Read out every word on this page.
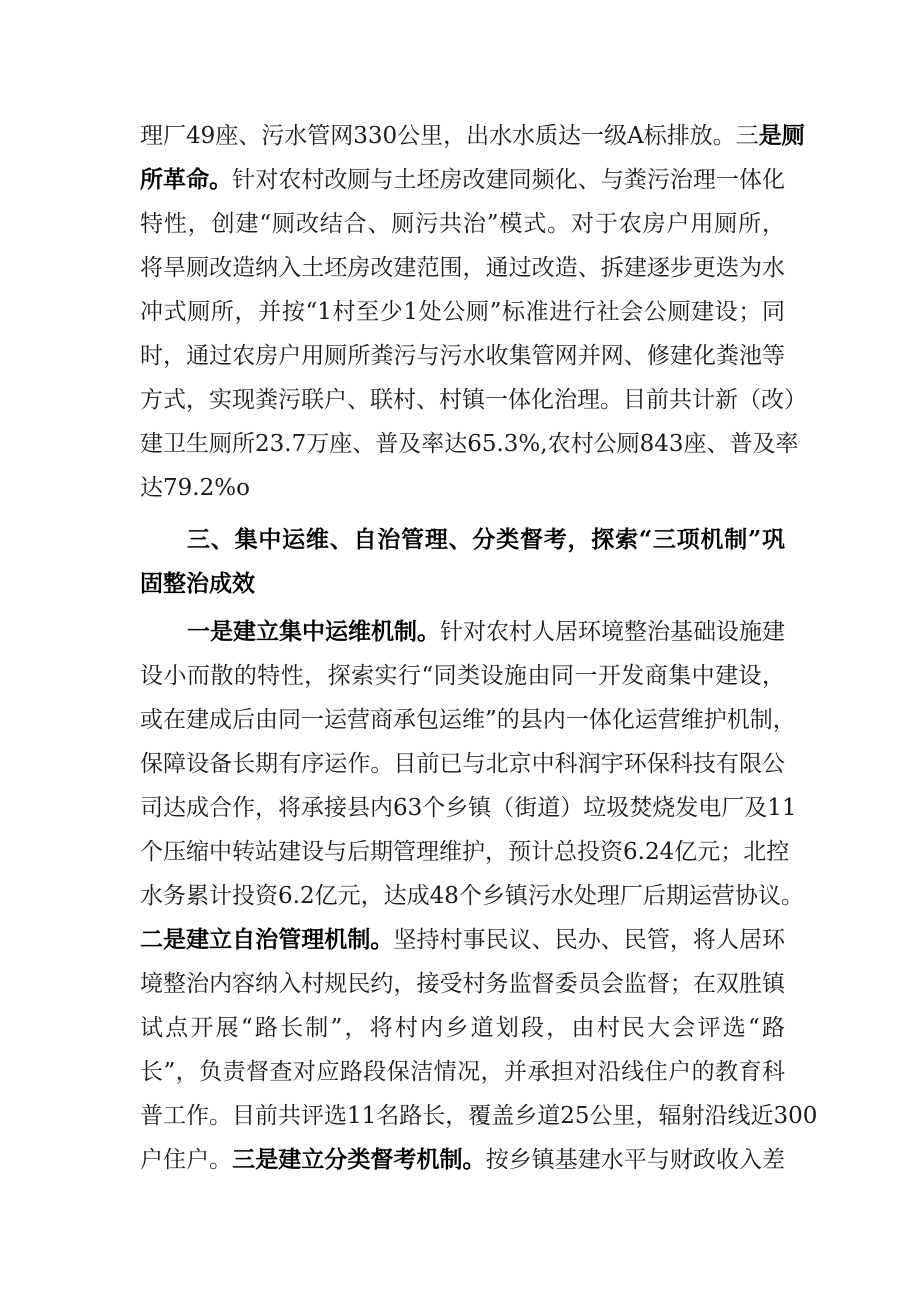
理厂49座、污水管网330公里，出水水质达一级A标排放。三是厕
所革命。针对农村改厕与土坯房改建同频化、与粪污治理一体化
特性，创建“厕改结合、厕污共治”模式。对于农房户用厕所，
将旱厕改造纳入土坯房改建范围，通过改造、拆建逐步更迭为水
冲式厕所，并按“1村至少1处公厕”标准进行社会公厕建设；同
时，通过农房户用厕所粪污与污水收集管网并网、修建化粪池等
方式，实现粪污联户、联村、村镇一体化治理。目前共计新（改）
建卫生厕所23.7万座、普及率达65.3%,农村公厕843座、普及率
达79.2%o
三、集中运维、自治管理、分类督考，探索“三项机制”巩
固整治成效
一是建立集中运维机制。针对农村人居环境整治基础设施建
设小而散的特性，探索实行“同类设施由同一开发商集中建设，
或在建成后由同一运营商承包运维”的县内一体化运营维护机制，
保障设备长期有序运作。目前已与北京中科润宇环保科技有限公
司达成合作，将承接县内63个乡镇（街道）垃圾焚烧发电厂及11
个压缩中转站建设与后期管理维护，预计总投资6.24亿元；北控
水务累计投资6.2亿元，达成48个乡镇污水处理厂后期运营协议。
二是建立自治管理机制。坚持村事民议、民办、民管，将人居环
境整治内容纳入村规民约，接受村务监督委员会监督；在双胜镇
试点开展“路长制”，将村内乡道划段，由村民大会评选“路
长”，负责督查对应路段保洁情况，并承担对沿线住户的教育科
普工作。目前共评选11名路长，覆盖乡道25公里，辐射沿线近300
户住户。三是建立分类督考机制。按乡镇基建水平与财政收入差
